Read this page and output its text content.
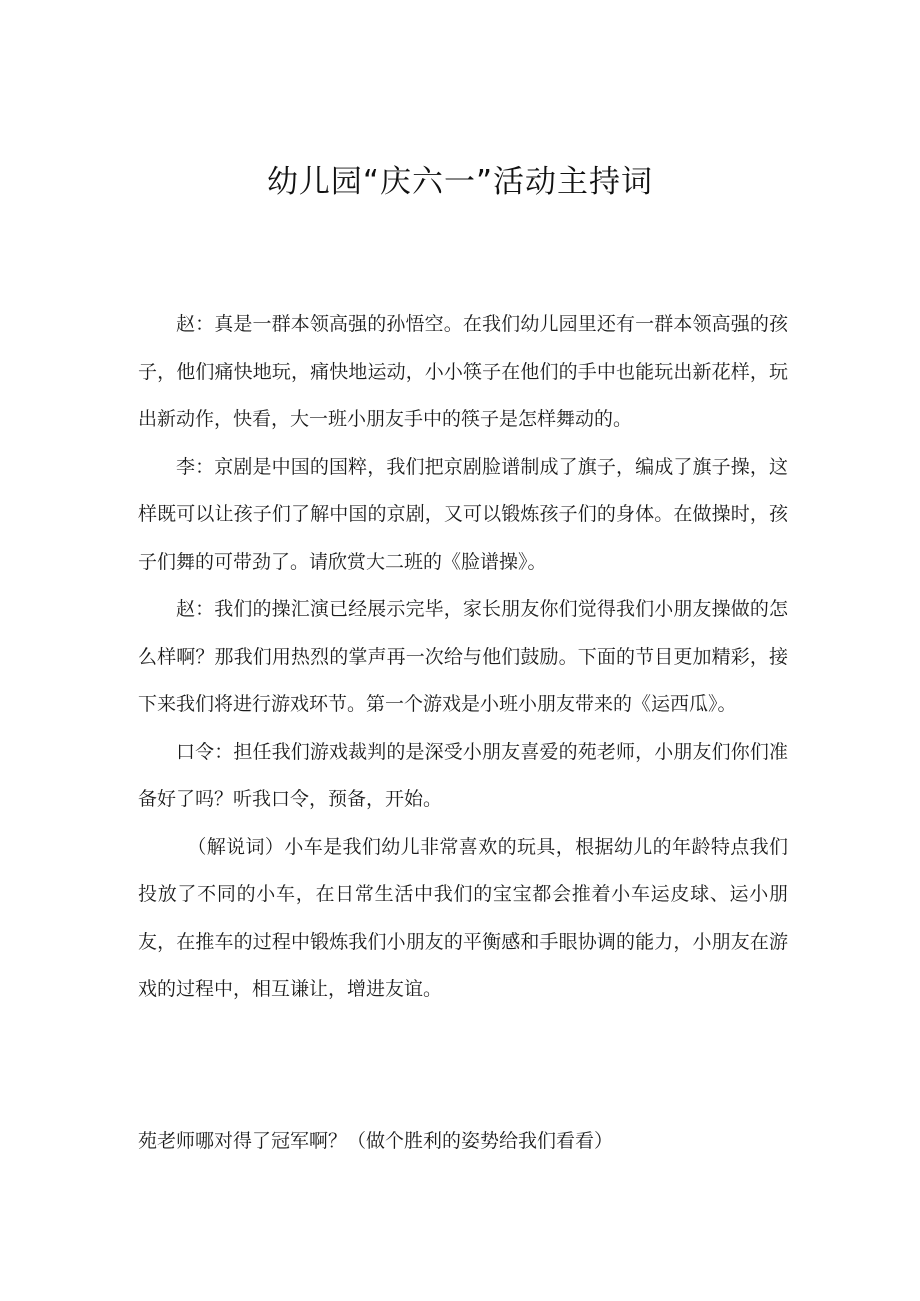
幼儿园“庆六一”活动主持词

赵：真是一群本领高强的孙悟空。在我们幼儿园里还有一群本领高强的孩子，他们痛快地玩，痛快地运动，小小筷子在他们的手中也能玩出新花样，玩出新动作，快看，大一班小朋友手中的筷子是怎样舞动的。

李：京剧是中国的国粹，我们把京剧脸谱制成了旗子，编成了旗子操，这样既可以让孩子们了解中国的京剧，又可以锻炼孩子们的身体。在做操时，孩子们舞的可带劲了。请欣赏大二班的《脸谱操》。

赵：我们的操汇演已经展示完毕，家长朋友你们觉得我们小朋友操做的怎么样啊？那我们用热烈的掌声再一次给与他们鼓励。下面的节目更加精彩，接下来我们将进行游戏环节。第一个游戏是小班小朋友带来的《运西瓜》。

口令：担任我们游戏裁判的是深受小朋友喜爱的苑老师，小朋友们你们准备好了吗？听我口令，预备，开始。

（解说词）小车是我们幼儿非常喜欢的玩具，根据幼儿的年龄特点我们投放了不同的小车，在日常生活中我们的宝宝都会推着小车运皮球、运小朋友，在推车的过程中锻炼我们小朋友的平衡感和手眼协调的能力，小朋友在游戏的过程中，相互谦让，增进友谊。

苑老师哪对得了冠军啊？（做个胜利的姿势给我们看看）
